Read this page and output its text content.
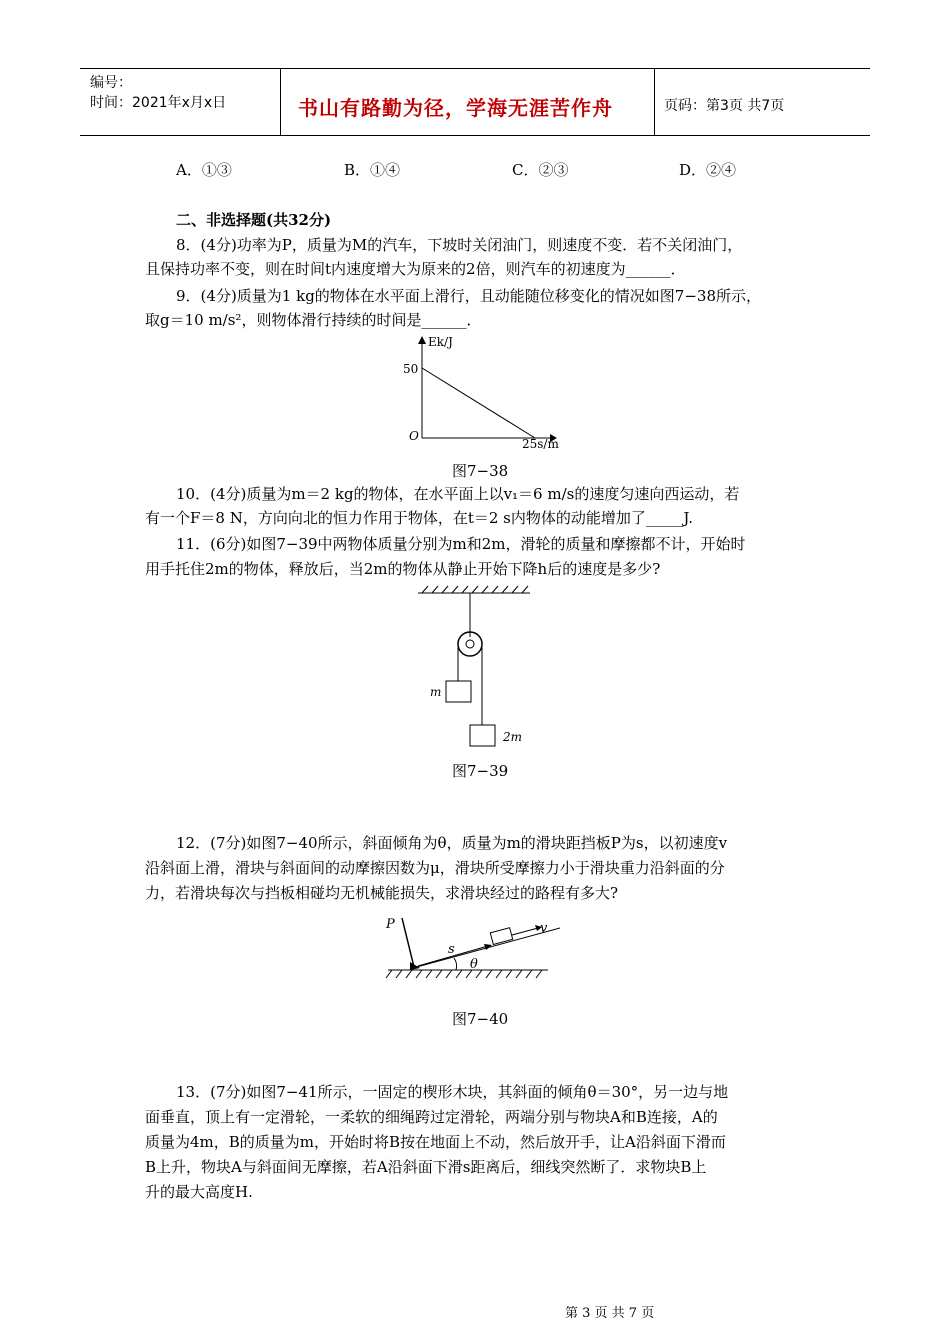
编号：
时间：2021年x月x日	书山有路勤为径，学海无涯苦作舟	页码：第3页 共7页
A．①③	B．①④	C．②③	D．②④
二、非选择题(共32分)
8．(4分)功率为P，质量为M的汽车，下坡时关闭油门，则速度不变．若不关闭油门，
且保持功率不变，则在时间t内速度增大为原来的2倍，则汽车的初速度为______．
9．(4分)质量为1 kg的物体在水平面上滑行，且动能随位移变化的情况如图7−38所示，
取g＝10 m/s²，则物体滑行持续的时间是______．
Ek/J
50
O
25s/m
图7−38
10．(4分)质量为m＝2 kg的物体，在水平面上以v₁＝6 m/s的速度匀速向西运动，若
有一个F＝8 N，方向向北的恒力作用于物体，在t＝2 s内物体的动能增加了_____J.
11．(6分)如图7−39中两物体质量分别为m和2m，滑轮的质量和摩擦都不计，开始时
用手托住2m的物体，释放后，当2m的物体从静止开始下降h后的速度是多少?
m
2m
图7−39
12．(7分)如图7−40所示，斜面倾角为θ，质量为m的滑块距挡板P为s，以初速度v
沿斜面上滑，滑块与斜面间的动摩擦因数为μ，滑块所受摩擦力小于滑块重力沿斜面的分
力，若滑块每次与挡板相碰均无机械能损失，求滑块经过的路程有多大?
P
s
v
θ
图7−40
13．(7分)如图7−41所示，一固定的楔形木块，其斜面的倾角θ＝30°，另一边与地
面垂直，顶上有一定滑轮，一柔软的细绳跨过定滑轮，两端分别与物块A和B连接，A的
质量为4m，B的质量为m，开始时将B按在地面上不动，然后放开手，让A沿斜面下滑而
B上升，物块A与斜面间无摩擦，若A沿斜面下滑s距离后，细线突然断了．求物块B上
升的最大高度H.
第 3 页 共 7 页
